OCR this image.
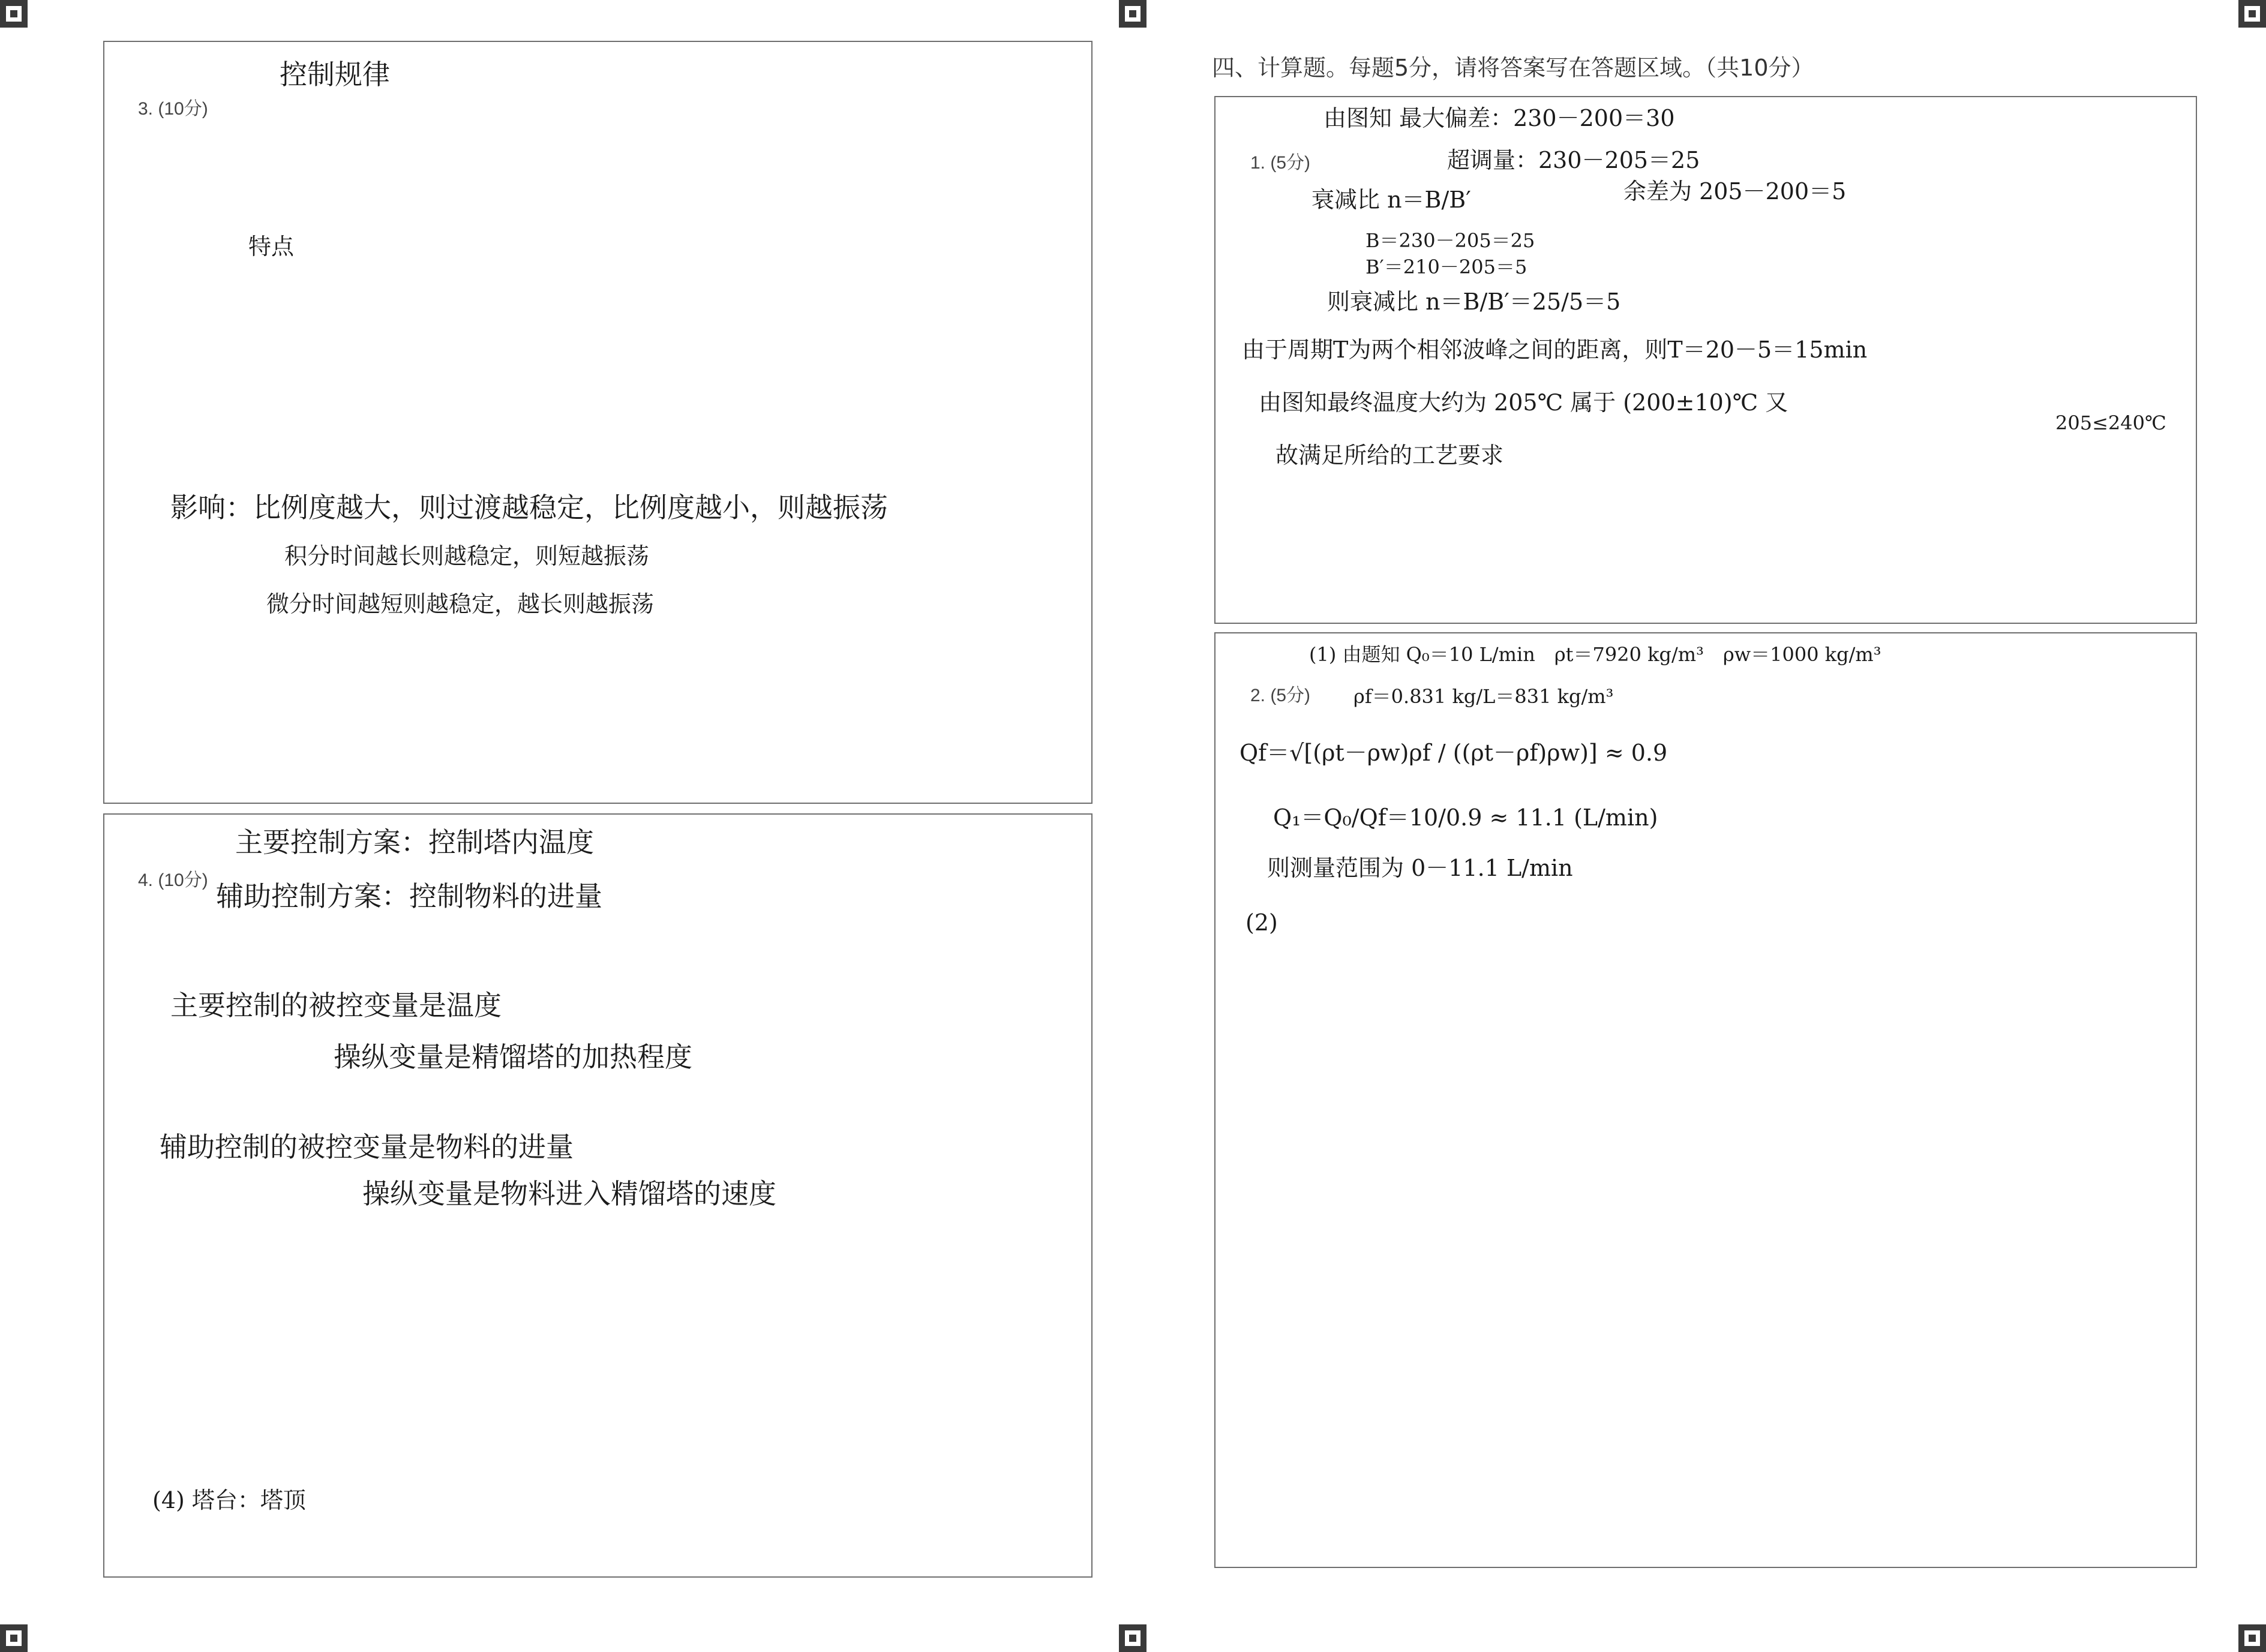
3. (10分)
控制规律
特点
影响：比例度越大，则过渡越稳定，比例度越小，则越振荡
积分时间越长则越稳定，则短越振荡
微分时间越短则越稳定，越长则越振荡
4. (10分)
主要控制方案：控制塔内温度
辅助控制方案：控制物料的进量
主要控制的被控变量是温度
操纵变量是精馏塔的加热程度
辅助控制的被控变量是物料的进量
操纵变量是物料进入精馏塔的速度
(4) 塔台：塔顶
四、计算题。每题5分，请将答案写在答题区域。（共10分）
1. (5分)
由图知 最大偏差：230－200＝30
超调量：230－205＝25
衰减比 n＝B/B′	余差为 205－200＝5
B＝230－205＝25
B′＝210－205＝5
则衰减比 n＝B/B′＝25/5＝5
由于周期T为两个相邻波峰之间的距离，则T＝20－5＝15min
由图知最终温度大约为 205℃ 属于 (200±10)℃ 又
205≤240℃
故满足所给的工艺要求
2. (5分)
(1) 由题知 Q₀＝10 L/min　ρt＝7920 kg/m³　ρw＝1000 kg/m³
ρf＝0.831 kg/L＝831 kg/m³
Qf＝√[(ρt－ρw)ρf / ((ρt－ρf)ρw)] ≈ 0.9
Q₁＝Q₀/Qf＝10/0.9 ≈ 11.1 (L/min)
则测量范围为 0－11.1 L/min
(2)
